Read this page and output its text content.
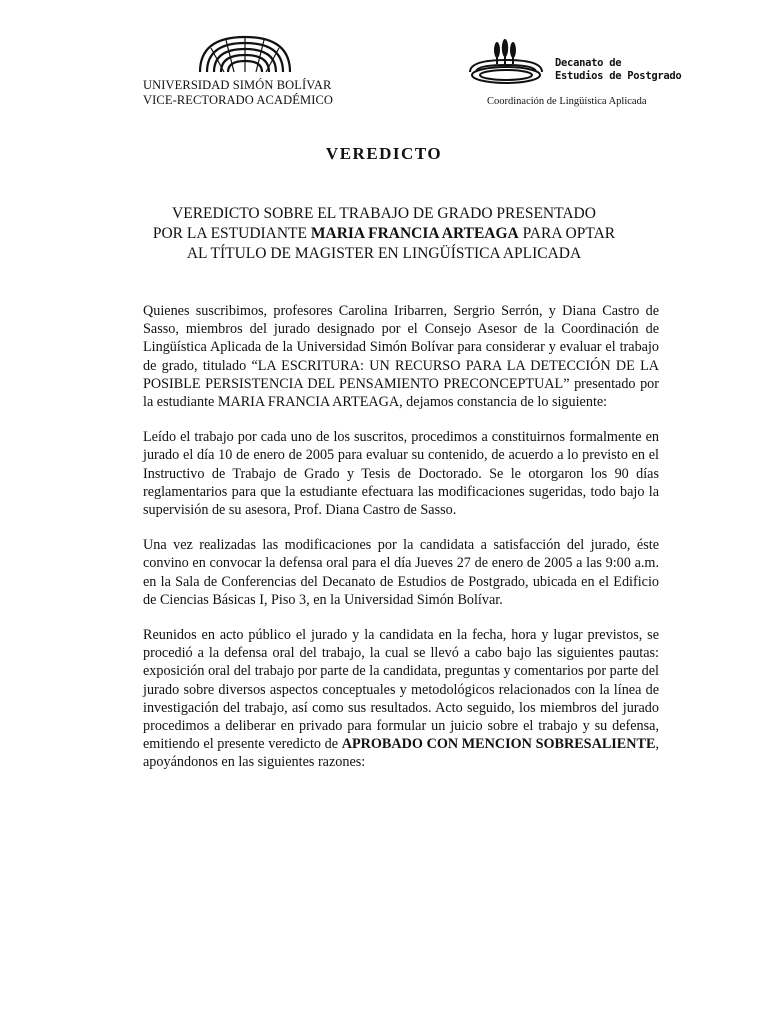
UNIVERSIDAD SIMÓN BOLÍVAR
VICE-RECTORADO ACADÉMICO
Decanato de
Estudios de Postgrado
Coordinación de Lingüística Aplicada
VEREDICTO
VEREDICTO SOBRE EL TRABAJO DE GRADO PRESENTADO
POR LA ESTUDIANTE MARIA FRANCIA ARTEAGA PARA OPTAR
AL TÍTULO DE MAGISTER EN LINGÜÍSTICA APLICADA

Quienes suscribimos, profesores Carolina Iribarren, Sergrio Serrón, y Diana Castro de Sasso, miembros del jurado designado por el Consejo Asesor de la Coordinación de Lingüística Aplicada de la Universidad Simón Bolívar para considerar y evaluar el trabajo de grado, titulado “LA ESCRITURA: UN RECURSO PARA LA DETECCIÓN DE LA POSIBLE PERSISTENCIA DEL PENSAMIENTO PRECONCEPTUAL” presentado por la estudiante MARIA FRANCIA ARTEAGA, dejamos constancia de lo siguiente:

Leído el trabajo por cada uno de los suscritos, procedimos a constituirnos formalmente en jurado el día 10 de enero de 2005 para evaluar su contenido, de acuerdo a lo previsto en el Instructivo de Trabajo de Grado y Tesis de Doctorado. Se le otorgaron los 90 días reglamentarios para que la estudiante efectuara las modificaciones sugeridas, todo bajo la supervisión de su asesora, Prof. Diana Castro de Sasso.

Una vez realizadas las modificaciones por la candidata a satisfacción del jurado, éste convino en convocar la defensa oral para el día Jueves 27 de enero de 2005 a las 9:00 a.m. en la Sala de Conferencias del Decanato de Estudios de Postgrado, ubicada en el Edificio de Ciencias Básicas I, Piso 3, en la Universidad Simón Bolívar.

Reunidos en acto público el jurado y la candidata en la fecha, hora y lugar previstos, se procedió a la defensa oral del trabajo, la cual se llevó a cabo bajo las siguientes pautas: exposición oral del trabajo por parte de la candidata, preguntas y comentarios por parte del jurado sobre diversos aspectos conceptuales y metodológicos relacionados con la línea de investigación del trabajo, así como sus resultados. Acto seguido, los miembros del jurado procedimos a deliberar en privado para formular un juicio sobre el trabajo y su defensa, emitiendo el presente veredicto de APROBADO CON MENCION SOBRESALIENTE, apoyándonos en las siguientes razones:
